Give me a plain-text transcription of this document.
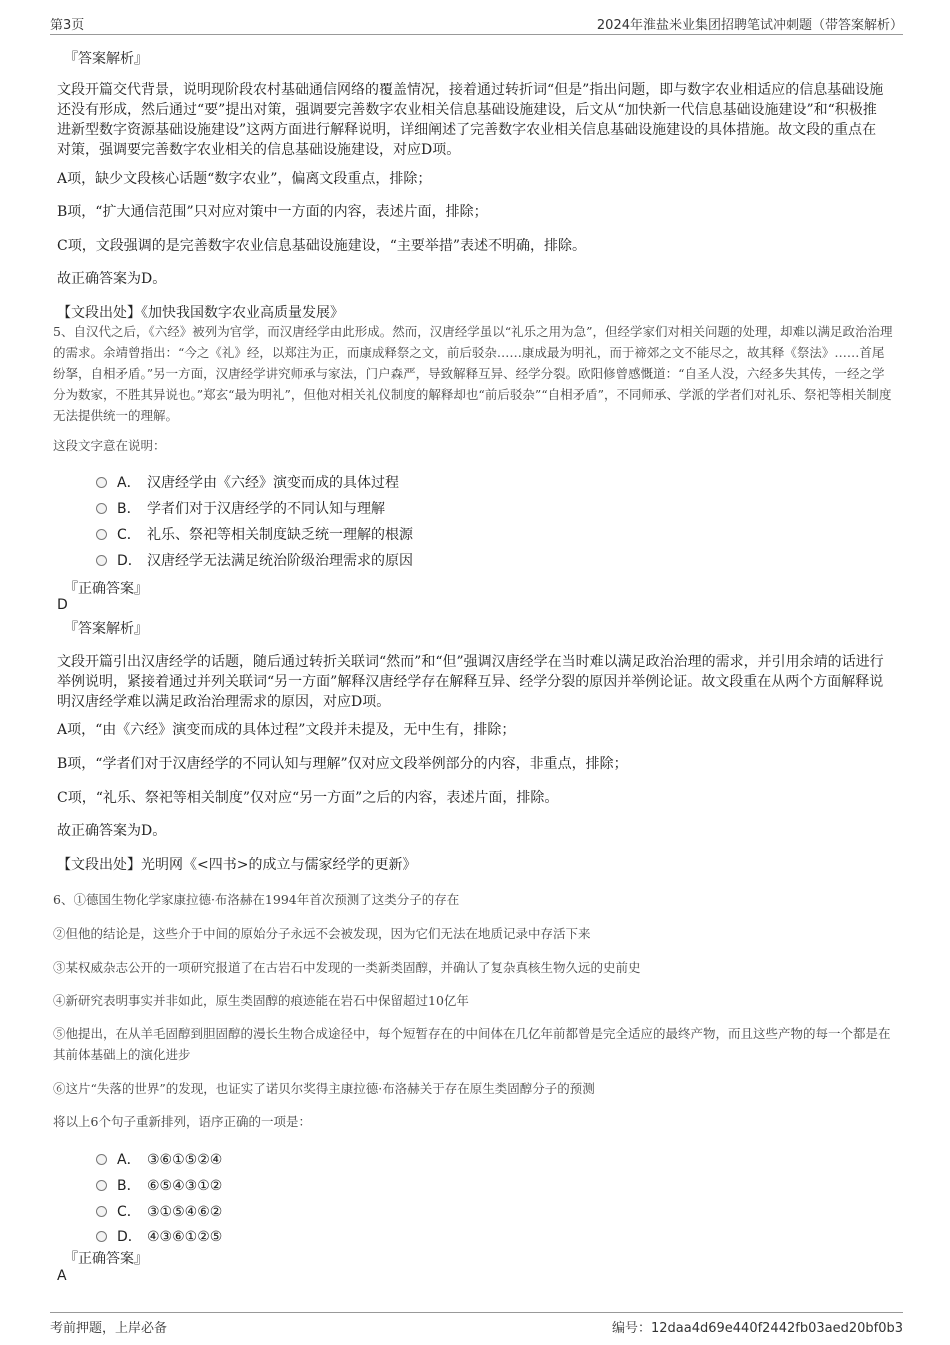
第3页	2024年淮盐米业集团招聘笔试冲刺题（带答案解析）
『答案解析』
文段开篇交代背景，说明现阶段农村基础通信网络的覆盖情况，接着通过转折词“但是”指出问题，即与数字农业相适应的信息基础设施还没有形成，然后通过“要”提出对策，强调要完善数字农业相关信息基础设施建设，后文从“加快新一代信息基础设施建设”和“积极推进新型数字资源基础设施建设”这两方面进行解释说明，详细阐述了完善数字农业相关信息基础设施建设的具体措施。故文段的重点在对策，强调要完善数字农业相关的信息基础设施建设，对应D项。
A项，缺少文段核心话题“数字农业”，偏离文段重点，排除；
B项，“扩大通信范围”只对应对策中一方面的内容，表述片面，排除；
C项，文段强调的是完善数字农业信息基础设施建设，“主要举措”表述不明确，排除。
故正确答案为D。
【文段出处】《加快我国数字农业高质量发展》
5、自汉代之后，《六经》被列为官学，而汉唐经学由此形成。然而，汉唐经学虽以“礼乐之用为急”，但经学家们对相关问题的处理，却难以满足政治治理的需求。余靖曾指出：“今之《礼》经，以郑注为正，而康成释祭之文，前后驳杂……康成最为明礼，而于禘郊之文不能尽之，故其释《祭法》……首尾纷拏，自相矛盾。”另一方面，汉唐经学讲究师承与家法，门户森严，导致解释互异、经学分裂。欧阳修曾感慨道：“自圣人没，六经多失其传，一经之学分为数家，不胜其异说也。”郑玄“最为明礼”，但他对相关礼仪制度的解释却也“前后驳杂”“自相矛盾”，不同师承、学派的学者们对礼乐、祭祀等相关制度无法提供统一的理解。
这段文字意在说明：
A． 汉唐经学由《六经》演变而成的具体过程
B． 学者们对于汉唐经学的不同认知与理解
C． 礼乐、祭祀等相关制度缺乏统一理解的根源
D． 汉唐经学无法满足统治阶级治理需求的原因
『正确答案』
D
『答案解析』
文段开篇引出汉唐经学的话题，随后通过转折关联词“然而”和“但”强调汉唐经学在当时难以满足政治治理的需求，并引用余靖的话进行举例说明，紧接着通过并列关联词“另一方面”解释汉唐经学存在解释互异、经学分裂的原因并举例论证。故文段重在从两个方面解释说明汉唐经学难以满足政治治理需求的原因，对应D项。
A项，“由《六经》演变而成的具体过程”文段并未提及，无中生有，排除；
B项，“学者们对于汉唐经学的不同认知与理解”仅对应文段举例部分的内容，非重点，排除；
C项，“礼乐、祭祀等相关制度”仅对应“另一方面”之后的内容，表述片面，排除。
故正确答案为D。
【文段出处】光明网《<四书>的成立与儒家经学的更新》
6、①德国生物化学家康拉德·布洛赫在1994年首次预测了这类分子的存在
②但他的结论是，这些介于中间的原始分子永远不会被发现，因为它们无法在地质记录中存活下来
③某权威杂志公开的一项研究报道了在古岩石中发现的一类新类固醇，并确认了复杂真核生物久远的史前史
④新研究表明事实并非如此，原生类固醇的痕迹能在岩石中保留超过10亿年
⑤他提出，在从羊毛固醇到胆固醇的漫长生物合成途径中，每个短暂存在的中间体在几亿年前都曾是完全适应的最终产物，而且这些产物的每一个都是在其前体基础上的演化进步
⑥这片“失落的世界”的发现，也证实了诺贝尔奖得主康拉德·布洛赫关于存在原生类固醇分子的预测
将以上6个句子重新排列，语序正确的一项是：
A． ③⑥①⑤②④
B． ⑥⑤④③①②
C． ③①⑤④⑥②
D． ④③⑥①②⑤
『正确答案』
A
考前押题，上岸必备	编号：12daa4d69e440f2442fb03aed20bf0b3
